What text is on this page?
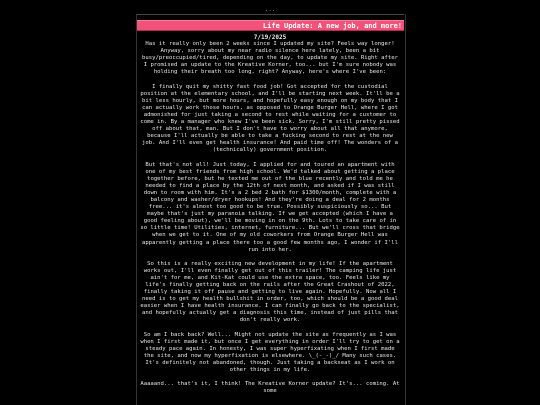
...
Life Update: A new job, and more!

7/19/2025

Has it really only been 2 weeks since I updated my site? Feels way longer! Anyway, sorry about my near radio silence here lately, been a bit busy/preoccupied/tired, depending on the day, to update my site. Right after I promised an update to the Kreative Korner, too... but I'm sure nobody was holding their breath too long, right? Anyway, here's where I've been:

I finally quit my shitty fast food job! Got accepted for the custodial position at the elementary school, and I'll be starting next week. It'll be a bit less hourly, but more hours, and hopefully easy enough on my body that I can actually work those hours, as opposed to Orange Burger Hell, where I got admonished for just taking a second to rest while waiting for a customer to come in. By a manager who knew I've been sick. Sorry, I'm still pretty pissed off about that, man. But I don't have to worry about all that anymore, because I'll actually be able to take a fucking second to rest at the new job. And I'll even get health insurance! And paid time off! The wonders of a (technically) government position.

But that's not all! Just today, I applied for and toured an apartment with one of my best friends from high school. We'd talked about getting a place together before, but he texted me out of the blue recently and told me he needed to find a place by the 12th of next month, and asked if I was still down to room with him. It's a 2 bed 2 bath for $1300/month, complete with a balcony and washer/dryer hookups! And they're doing a deal for 2 months free... it's almost too good to be true. Possibly suspiciously so... But maybe that's just my paranoia talking. If we get accepted (which I have a good feeling about), we'll be moving in on the 9th. Lots to take care of in so little time! Utilities, internet, furniture... But we'll cross that bridge when we get to it. One of my old coworkers from Orange Burger Hell was apparently getting a place there too a good few months ago, I wonder if I'll run into her.

So this is a really exciting new development in my life! If the apartment works out, I'll even finally get out of this trailer! The camping life just ain't for me, and Kit-Kat could use the extra space, too. Feels like my life's finally getting back on the rails after the Great Crashout of 2022, finally taking it off pause and getting to live again. Hopefully. Now all I need is to get my health bullshit in order, too, which should be a good deal easier when I have health insurance. I can finally go back to the specialist, and hopefully actually get a diagnosis this time, instead of just pills that don't really work.

So am I back back? Well... Might not update the site as frequently as I was when I first made it, but once I get everything in order I'll try to get on a steady pace again. In honesty, I was super hyperfixating when I first made the site, and now my hyperfixation is elsewhere. \_(-_-)_/ Many such cases. It's definitely not abandoned, though. Just taking a backseat as I work on other things in my life.

Aaaaand... that's it, I think! The Kreative Korner update? It's... coming. At some
